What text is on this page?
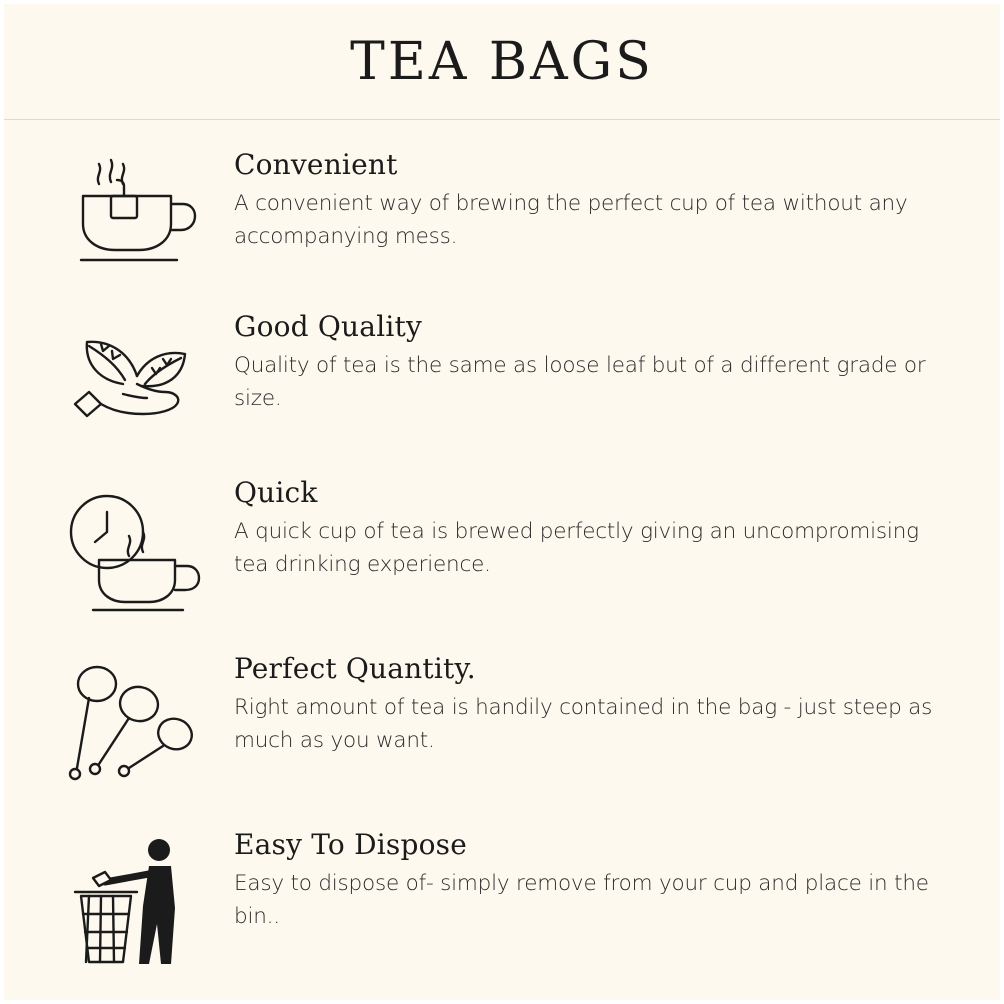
TEA BAGS
Convenient
A convenient way of brewing the perfect cup of tea without any accompanying mess.
Good Quality
Quality of tea is the same as loose leaf but of a different grade or size.
Quick
A quick cup of tea is brewed perfectly giving an uncompromising tea drinking experience.
Perfect Quantity.
Right amount of tea is handily contained in the bag - just steep as much as you want.
Easy To Dispose
Easy to dispose of- simply remove from your cup and place in the bin..
